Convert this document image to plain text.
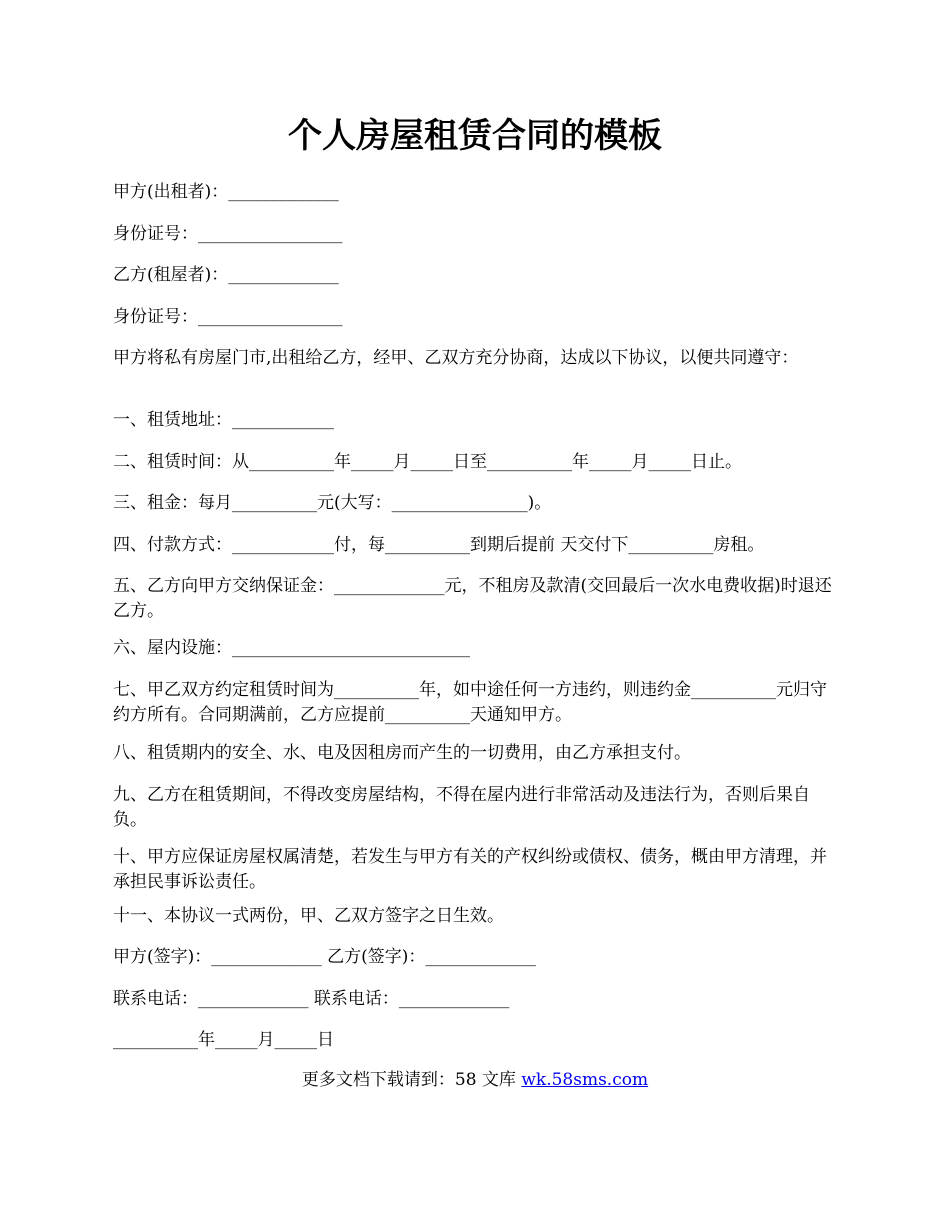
个人房屋租赁合同的模板

甲方(出租者)：_____________

身份证号：_________________

乙方(租屋者)：_____________

身份证号：_________________

甲方将私有房屋门市,出租给乙方，经甲、乙双方充分协商，达成以下协议，以便共同遵守：

一、租赁地址：____________

二、租赁时间：从__________年_____月_____日至__________年_____月_____日止。

三、租金：每月__________元(大写：________________)。

四、付款方式：____________付，每__________到期后提前 天交付下__________房租。

五、乙方向甲方交纳保证金：_____________元，不租房及款清(交回最后一次水电费收据)时退还乙方。

六、屋内设施：____________________________

七、甲乙双方约定租赁时间为__________年，如中途任何一方违约，则违约金__________元归守约方所有。合同期满前，乙方应提前__________天通知甲方。

八、租赁期内的安全、水、电及因租房而产生的一切费用，由乙方承担支付。

九、乙方在租赁期间，不得改变房屋结构，不得在屋内进行非常活动及违法行为，否则后果自负。

十、甲方应保证房屋权属清楚，若发生与甲方有关的产权纠纷或债权、债务，概由甲方清理，并承担民事诉讼责任。

十一、本协议一式两份，甲、乙双方签字之日生效。

甲方(签字)：_____________ 乙方(签字)：_____________

联系电话：_____________ 联系电话：_____________

__________年_____月_____日

更多文档下载请到：58 文库 wk.58sms.com
